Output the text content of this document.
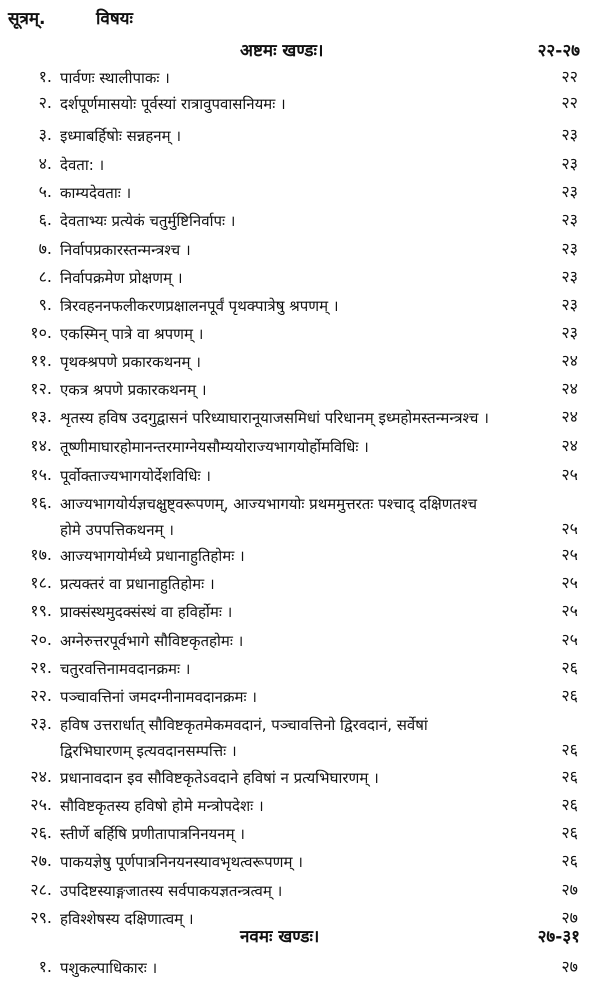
सूत्रम्.	विषयः
अष्टमः खण्डः।	२२-२७
१. पार्वणः स्थालीपाकः ।	२२
२. दर्शपूर्णमासयोः पूर्वस्यां रात्रावुपवासनियमः ।	२२
३. इध्माबर्हिषोः सन्नहनम् ।	२३
४. देवता: ।	२३
५. काम्यदेवताः ।	२३
६. देवताभ्यः प्रत्येकं चतुर्मुष्टिनिर्वापः ।	२३
७. निर्वापप्रकारस्तन्मन्त्रश्च ।	२३
८. निर्वापक्रमेण प्रोक्षणम् ।	२३
९. त्रिरवहननफलीकरणप्रक्षालनपूर्वं पृथक्पात्रेषु श्रपणम् ।	२३
१०. एकस्मिन् पात्रे वा श्रपणम् ।	२३
११. पृथक्श्रपणे प्रकारकथनम् ।	२४
१२. एकत्र श्रपणे प्रकारकथनम् ।	२४
१३. शृतस्य हविष उदगुद्वासनं परिध्याघारानूयाजसमिधां परिधानम् इध्महोमस्तन्मन्त्रश्च ।	२४
१४. तूष्णीमाघारहोमानन्तरमाग्नेयसौम्ययोराज्यभागयोर्होमविधिः ।	२४
१५. पूर्वोक्ताज्यभागयोर्देशविधिः ।	२५
१६. आज्यभागयोर्यज्ञचक्षुष्ट्वरूपणम्, आज्यभागयोः प्रथममुत्तरतः पश्चाद् दक्षिणतश्च
होमे उपपत्तिकथनम् ।	२५
१७. आज्यभागयोर्मध्ये प्रधानाहुतिहोमः ।	२५
१८. प्रत्यक्तरं वा प्रधानाहुतिहोमः ।	२५
१९. प्राक्संस्थमुदक्संस्थं वा हविर्होमः ।	२५
२०. अग्नेरुत्तरपूर्वभागे सौविष्टकृतहोमः ।	२५
२१. चतुरवत्तिनामवदानक्रमः ।	२६
२२. पञ्चावत्तिनां जमदग्नीनामवदानक्रमः ।	२६
२३. हविष उत्तरार्धात् सौविष्टकृतमेकमवदानं, पञ्चावत्तिनो द्विरवदानं, सर्वेषां
द्विरभिघारणम् इत्यवदानसम्पत्तिः ।	२६
२४. प्रधानावदान इव सौविष्टकृतेऽवदाने हविषां न प्रत्यभिघारणम् ।	२६
२५. सौविष्टकृतस्य हविषो होमे मन्त्रोपदेशः ।	२६
२६. स्तीर्णे बर्हिषि प्रणीतापात्रनिनयनम् ।	२६
२७. पाकयज्ञेषु पूर्णपात्रनिनयनस्यावभृथत्वरूपणम् ।	२६
२८. उपदिष्टस्याङ्गजातस्य सर्वपाकयज्ञतन्त्रत्वम् ।	२७
२९. हविश्शेषस्य दक्षिणात्वम् ।	२७
नवमः खण्डः।	२७-३१
१. पशुकल्पाधिकारः ।	२७
